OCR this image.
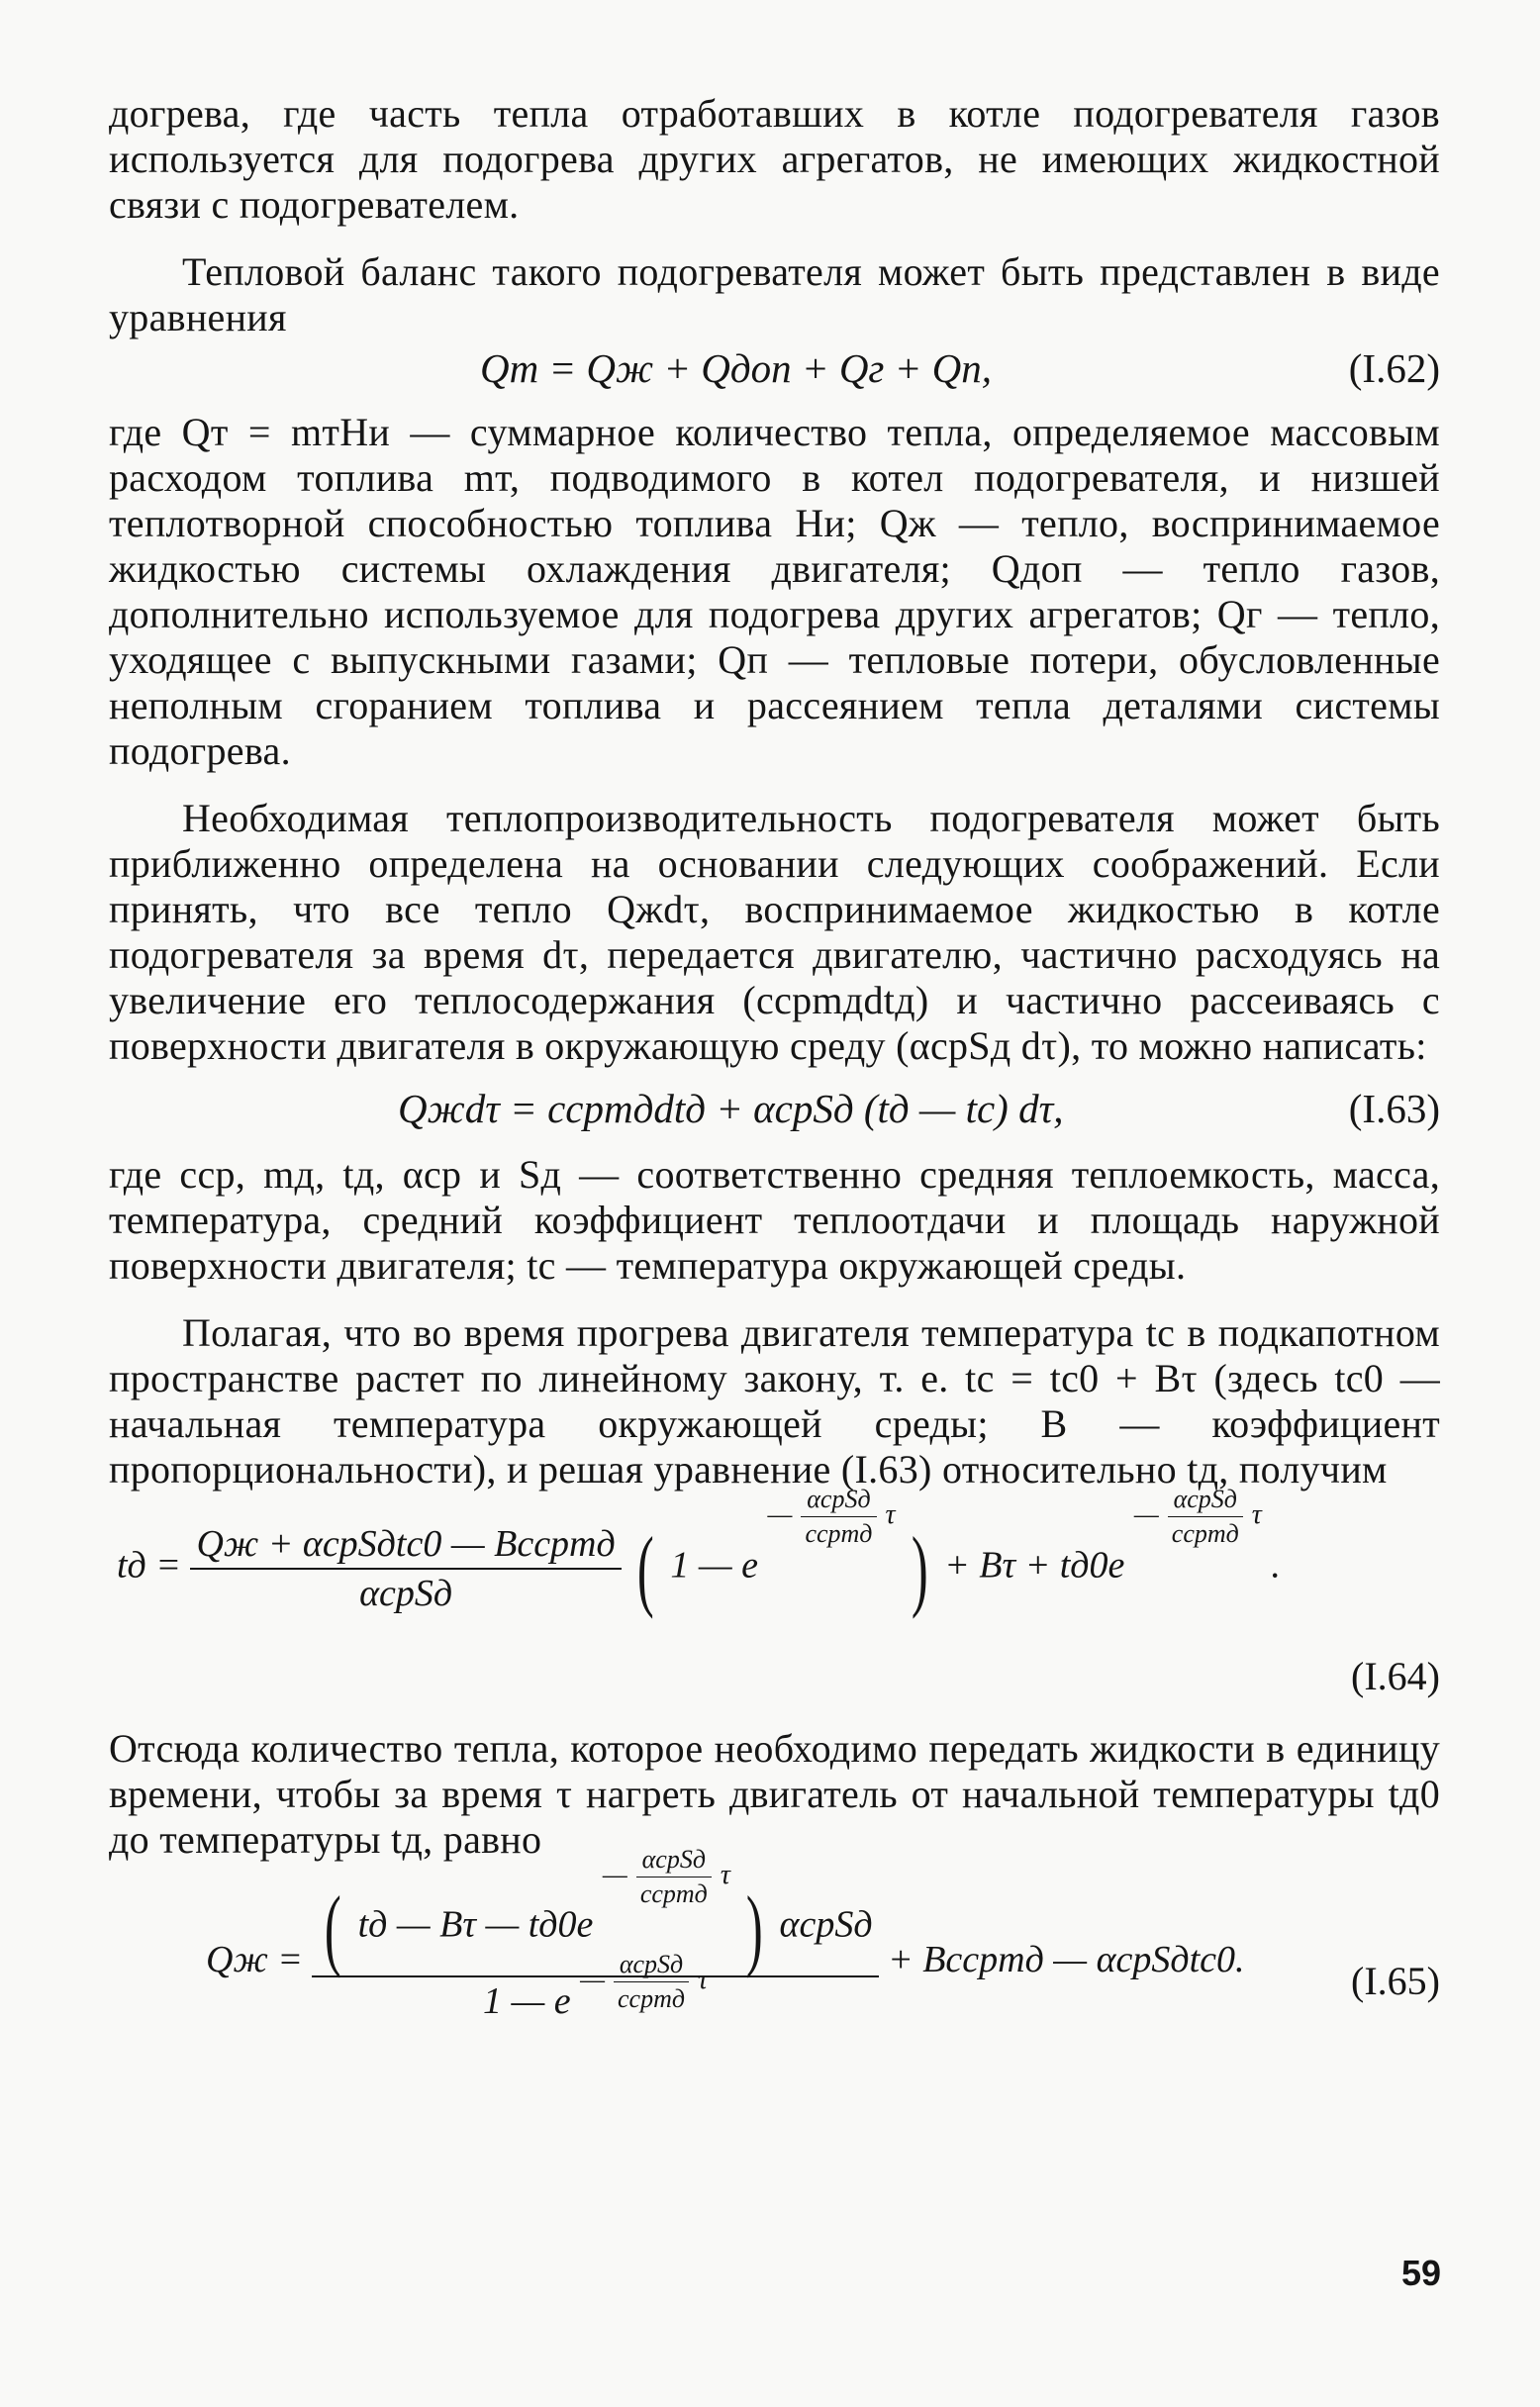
догрева, где часть тепла отработавших в котле подогревателя газов используется для подогрева других агрегатов, не имеющих жидкостной связи с подогревателем.

Тепловой баланс такого подогревателя может быть представлен в виде уравнения

Qт = Qж + Qдоп + Qг + Qп,	(I.62)

где Qт = mтHи — суммарное количество тепла, определяемое массовым расходом топлива mт, подводимого в котел подогревателя, и низшей теплотворной способностью топлива Hи; Qж — тепло, воспринимаемое жидкостью системы охлаждения двигателя; Qдоп — тепло газов, дополнительно используемое для подогрева других агрегатов; Qг — тепло, уходящее с выпускными газами; Qп — тепловые потери, обусловленные неполным сгоранием топлива и рассеянием тепла деталями системы подогрева.

Необходимая теплопроизводительность подогревателя может быть приближенно определена на основании следующих соображений. Если принять, что все тепло Qжdτ, воспринимаемое жидкостью в котле подогревателя за время dτ, передается двигателю, частично расходуясь на увеличение его теплосодержания (cсрmдdtд) и частично рассеиваясь с поверхности двигателя в окружающую среду (αсрSд dτ), то можно написать:

Qжdτ = cсрmдdtд + αсрSд (tд — tс) dτ,	(I.63)

где cср, mд, tд, αср и Sд — соответственно средняя теплоемкость, масса, температура, средний коэффициент теплоотдачи и площадь наружной поверхности двигателя; tс — температура окружающей среды.

Полагая, что во время прогрева двигателя температура tс в подкапотном пространстве растет по линейному закону, т. е. tс = tс0 + Bτ (здесь tс0 — начальная температура окружающей среды; B — коэффициент пропорциональности), и решая уравнение (I.63) относительно tд, получим

tд = $\frac{\text{Qж + αсрSдtс0 — Bcсрmд}}{\text{αсрSд}}$ ( 1 — e — $\frac{\text{αсрSд}}{\text{cсрmд}}$ τ ) + Bτ + tд0e — $\frac{\text{αсрSд}}{\text{cсрmд}}$ τ .
(I.64)

Отсюда количество тепла, которое необходимо передать жидкости в единицу времени, чтобы за время τ нагреть двигатель от начальной температуры tд0 до температуры tд, равно

Qж = ( tд — Bτ — tд0e — $\frac{\text{αсрSд}}{\text{cсрmд}}$ τ ) αсрSд
1 — e — $\frac{\text{αсрSд}}{\text{cсрmд}}$ τ	+ Bcсрmд — αсрSдtс0.	(I.65)
59
